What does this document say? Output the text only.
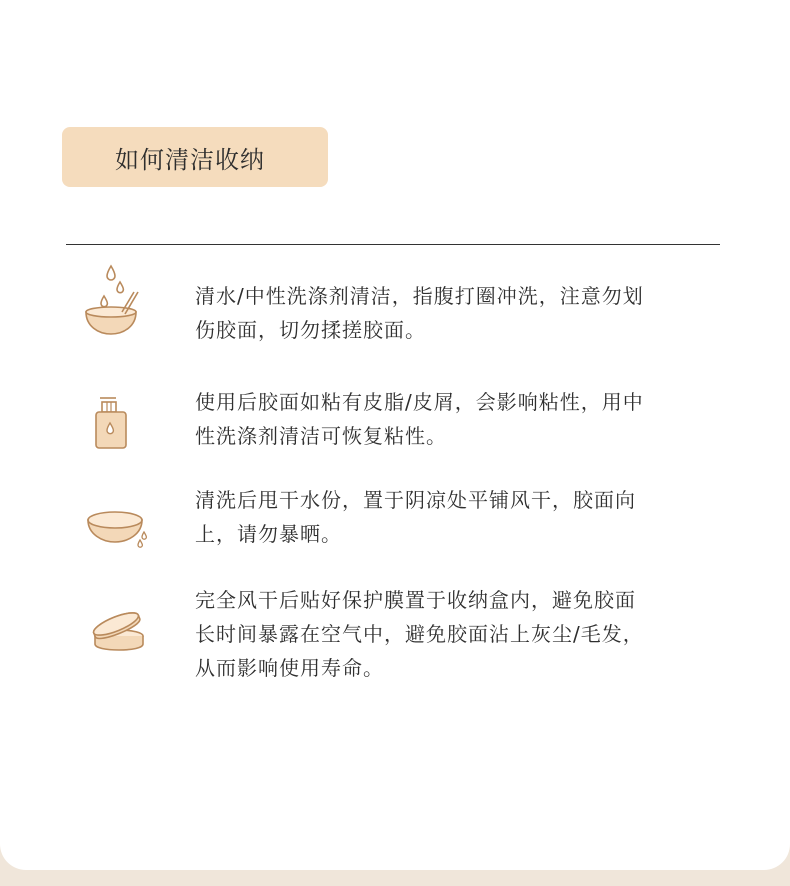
如何清洁收纳
清水/中性洗涤剂清洁，指腹打圈冲洗，注意勿划
伤胶面，切勿揉搓胶面。
使用后胶面如粘有皮脂/皮屑，会影响粘性，用中
性洗涤剂清洁可恢复粘性。
清洗后甩干水份，置于阴凉处平铺风干，胶面向
上，请勿暴晒。
完全风干后贴好保护膜置于收纳盒内，避免胶面
长时间暴露在空气中，避免胶面沾上灰尘/毛发，
从而影响使用寿命。
